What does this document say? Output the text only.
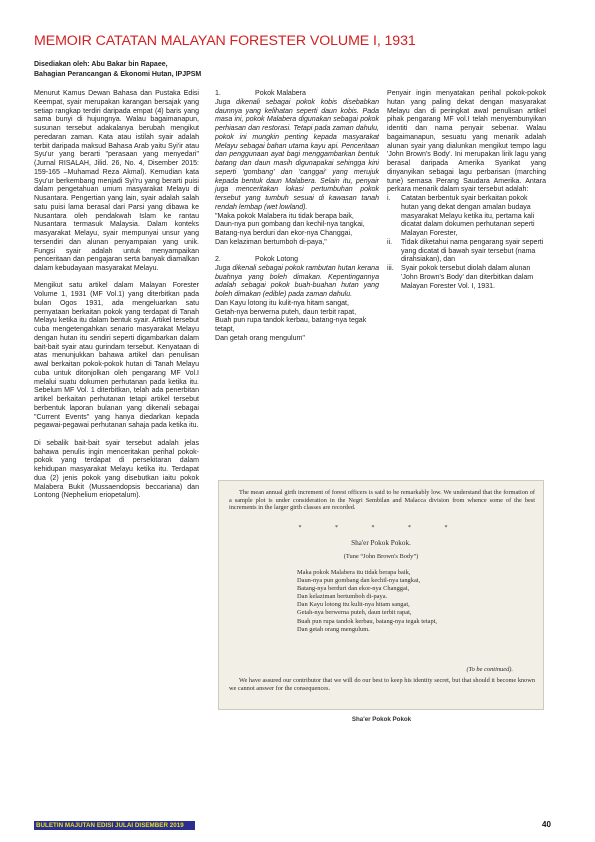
MEMOIR CATATAN MALAYAN FORESTER VOLUME I, 1931
Disediakan oleh: Abu Bakar bin Rapaee,
Bahagian Perancangan & Ekonomi Hutan, IPJPSM

Menurut Kamus Dewan Bahasa dan Pustaka Edisi Keempat, syair merupakan karangan bersajak yang setiap rangkap terdiri daripada empat (4) baris yang sama bunyi di hujungnya. Walau bagaimanapun, susunan tersebut adakalanya berubah mengikut peredaran zaman. Kata atau istilah syair adalah terbit daripada maksud Bahasa Arab yaitu Syi'ir atau Syu'ur yang berarti "perasaan yang menyedari" (Jurnal RISALAH, Jilid. 26, No. 4, Disember 2015: 159-165 –Muhamad Reza Akmal). Kemudian kata Syu'ur berkembang menjadi Syi'ru yang berarti puisi dalam pengetahuan umum masyarakat Melayu di Nusantara. Pengertian yang lain, syair adalah salah satu puisi lama berasal dari Parsi yang dibawa ke Nusantara oleh pendakwah Islam ke rantau Nusantara termasuk Malaysia. Dalam konteks masyarakat Melayu, syair mempunyai unsur yang tersendiri dan alunan penyampaian yang unik. Fungsi syair adalah untuk menyampaikan penceritaan dan pengajaran serta banyak diamalkan dalam kebudayaan masyarakat Melayu.

Mengikut satu artikel dalam Malayan Forester Volume 1, 1931 (MF Vol.1) yang diterbitkan pada bulan Ogos 1931, ada mengeluarkan satu pernyataan berkaitan pokok yang terdapat di Tanah Melayu ketika itu dalam bentuk syair. Artikel tersebut cuba mengetengahkan senario masyarakat Melayu dengan hutan itu sendiri seperti digambarkan dalam bait-bait syair atau gurindam tersebut. Kenyataan di atas menunjukkan bahawa artikel dan penulisan awal berkaitan pokok-pokok hutan di Tanah Melayu cuba untuk ditonjolkan oleh pengarang MF Vol.I melalui suatu dokumen perhutanan pada ketika itu. Sebelum MF Vol. 1 diterbitkan, telah ada penerbitan artikel berkaitan perhutanan tetapi artikel tersebut berbentuk laporan bulanan yang dikenali sebagai "Current Events" yang hanya diedarkan kepada pegawai-pegawai perhutanan sahaja pada ketika itu.

Di sebalik bait-bait syair tersebut adalah jelas bahawa penulis ingin menceritakan perihal pokok-pokok yang terdapat di persekitaran dalam kehidupan masyarakat Melayu ketika itu. Terdapat dua (2) jenis pokok yang disebutkan iaitu pokok Malabera Bukit (Mussaendopsis beccariana) dan Lontong (Nephelium eriopetalum).

1.	Pokok Malabera

Juga dikenali sebagai pokok kobis disebabkan daunnya yang kelihatan seperti daun kobis. Pada masa ini, pokok Malabera digunakan sebagai pokok perhiasan dan restorasi. Tetapi pada zaman dahulu, pokok ini mungkin penting kepada masyarakat Melayu sebagai bahan utama kayu api. Penceritaan dan penggunaan ayat bagi menggambarkan bentuk batang dan daun masih digunapakai sehingga kini seperti 'gombang' dan 'canggai' yang merujuk kepada bentuk daun Malabera. Selain itu, penyair juga menceritakan lokasi pertumbuhan pokok tersebut yang tumbuh sesuai di kawasan tanah rendah lembap (wet lowland).

"Maka pokok Malabera itu tidak berapa baik,
Daun-nya pun gombang dan kechil-nya tangkai,
Batang-nya berduri dan ekor-nya Changgai,
Dan kelaziman bertumboh di-paya,"
2.	Pokok Lotong

Juga dikenali sebagai pokok rambutan hutan kerana buahnya yang boleh dimakan. Kepentingannya adalah sebagai pokok buah-buahan hutan yang boleh dimakan (edible) pada zaman dahulu.

Dan Kayu lotong itu kulit-nya hitam sangat,
Getah-nya berwerna puteh, daun terbit rapat,
Buah pun rupa tandok kerbau, batang-nya tegak tetapt,
Dan getah orang mengulum"

Penyair ingin menyatakan perihal pokok-pokok hutan yang paling dekat dengan masyarakat Melayu dan di peringkat awal penulisan artikel pihak pengarang MF vol.I telah menyembunyikan identiti dan nama penyair sebenar. Walau bagaimanapun, sesuatu yang menarik adalah alunan syair yang dialunkan mengikut tempo lagu 'John Brown's Body'. Ini merupakan lirik lagu yang berasal daripada Amerika Syarikat yang dinyanyikan sebagai lagu perbarisan (marching tune) semasa Perang Saudara Amerika. Antara perkara menarik dalam syair tersebut adalah:

i.	Catatan berbentuk syair berkaitan pokok hutan yang dekat dengan amalan budaya masyarakat Melayu ketika itu, pertama kali dicatat dalam dokumen perhutanan seperti Malayan Forester,
ii.	Tidak diketahui nama pengarang syair seperti yang dicatat di bawah syair tersebut (nama dirahsiakan), dan
iii.	Syair pokok tersebut diolah dalam alunan 'John Brown's Body' dan diterbitkan dalam Malayan Forester Vol. I, 1931.
The mean annual girth increment of forest officers is said to be remarkably low. We understand that the formation of a sample plot is under consideration in the Negri Sembilan and Malacca division from whence some of the best increments in the larger girth classes are recorded.
* * * * *
Sha'er Pokok Pokok.
(Tune “John Brown's Body”)
Maka pokok Malabera itu tidak berapa baik,
Daun-nya pun gombang dan kechil-nya tangkai,
Batang-nya berduri dan ekor-nya Changgai,
Dan kelaziman bertumboh di-paya.
Dan Kayu lotong itu kulit-nya hitam sangat,
Getah-nya berwerna puteh, daun terbit rapat,
Buah pun rupa tandok kerbau, batang-nya tegak tetapt,
Dan getah orang mengulum.
(To be continued).
We have assured our contributor that we will do our best to keep his identity secret, but that should it become known we cannot answer for the consequences.
Sha'er Pokok Pokok
BULETIN MAJUTAN EDISI JULAI DISEMBER 2019	40
